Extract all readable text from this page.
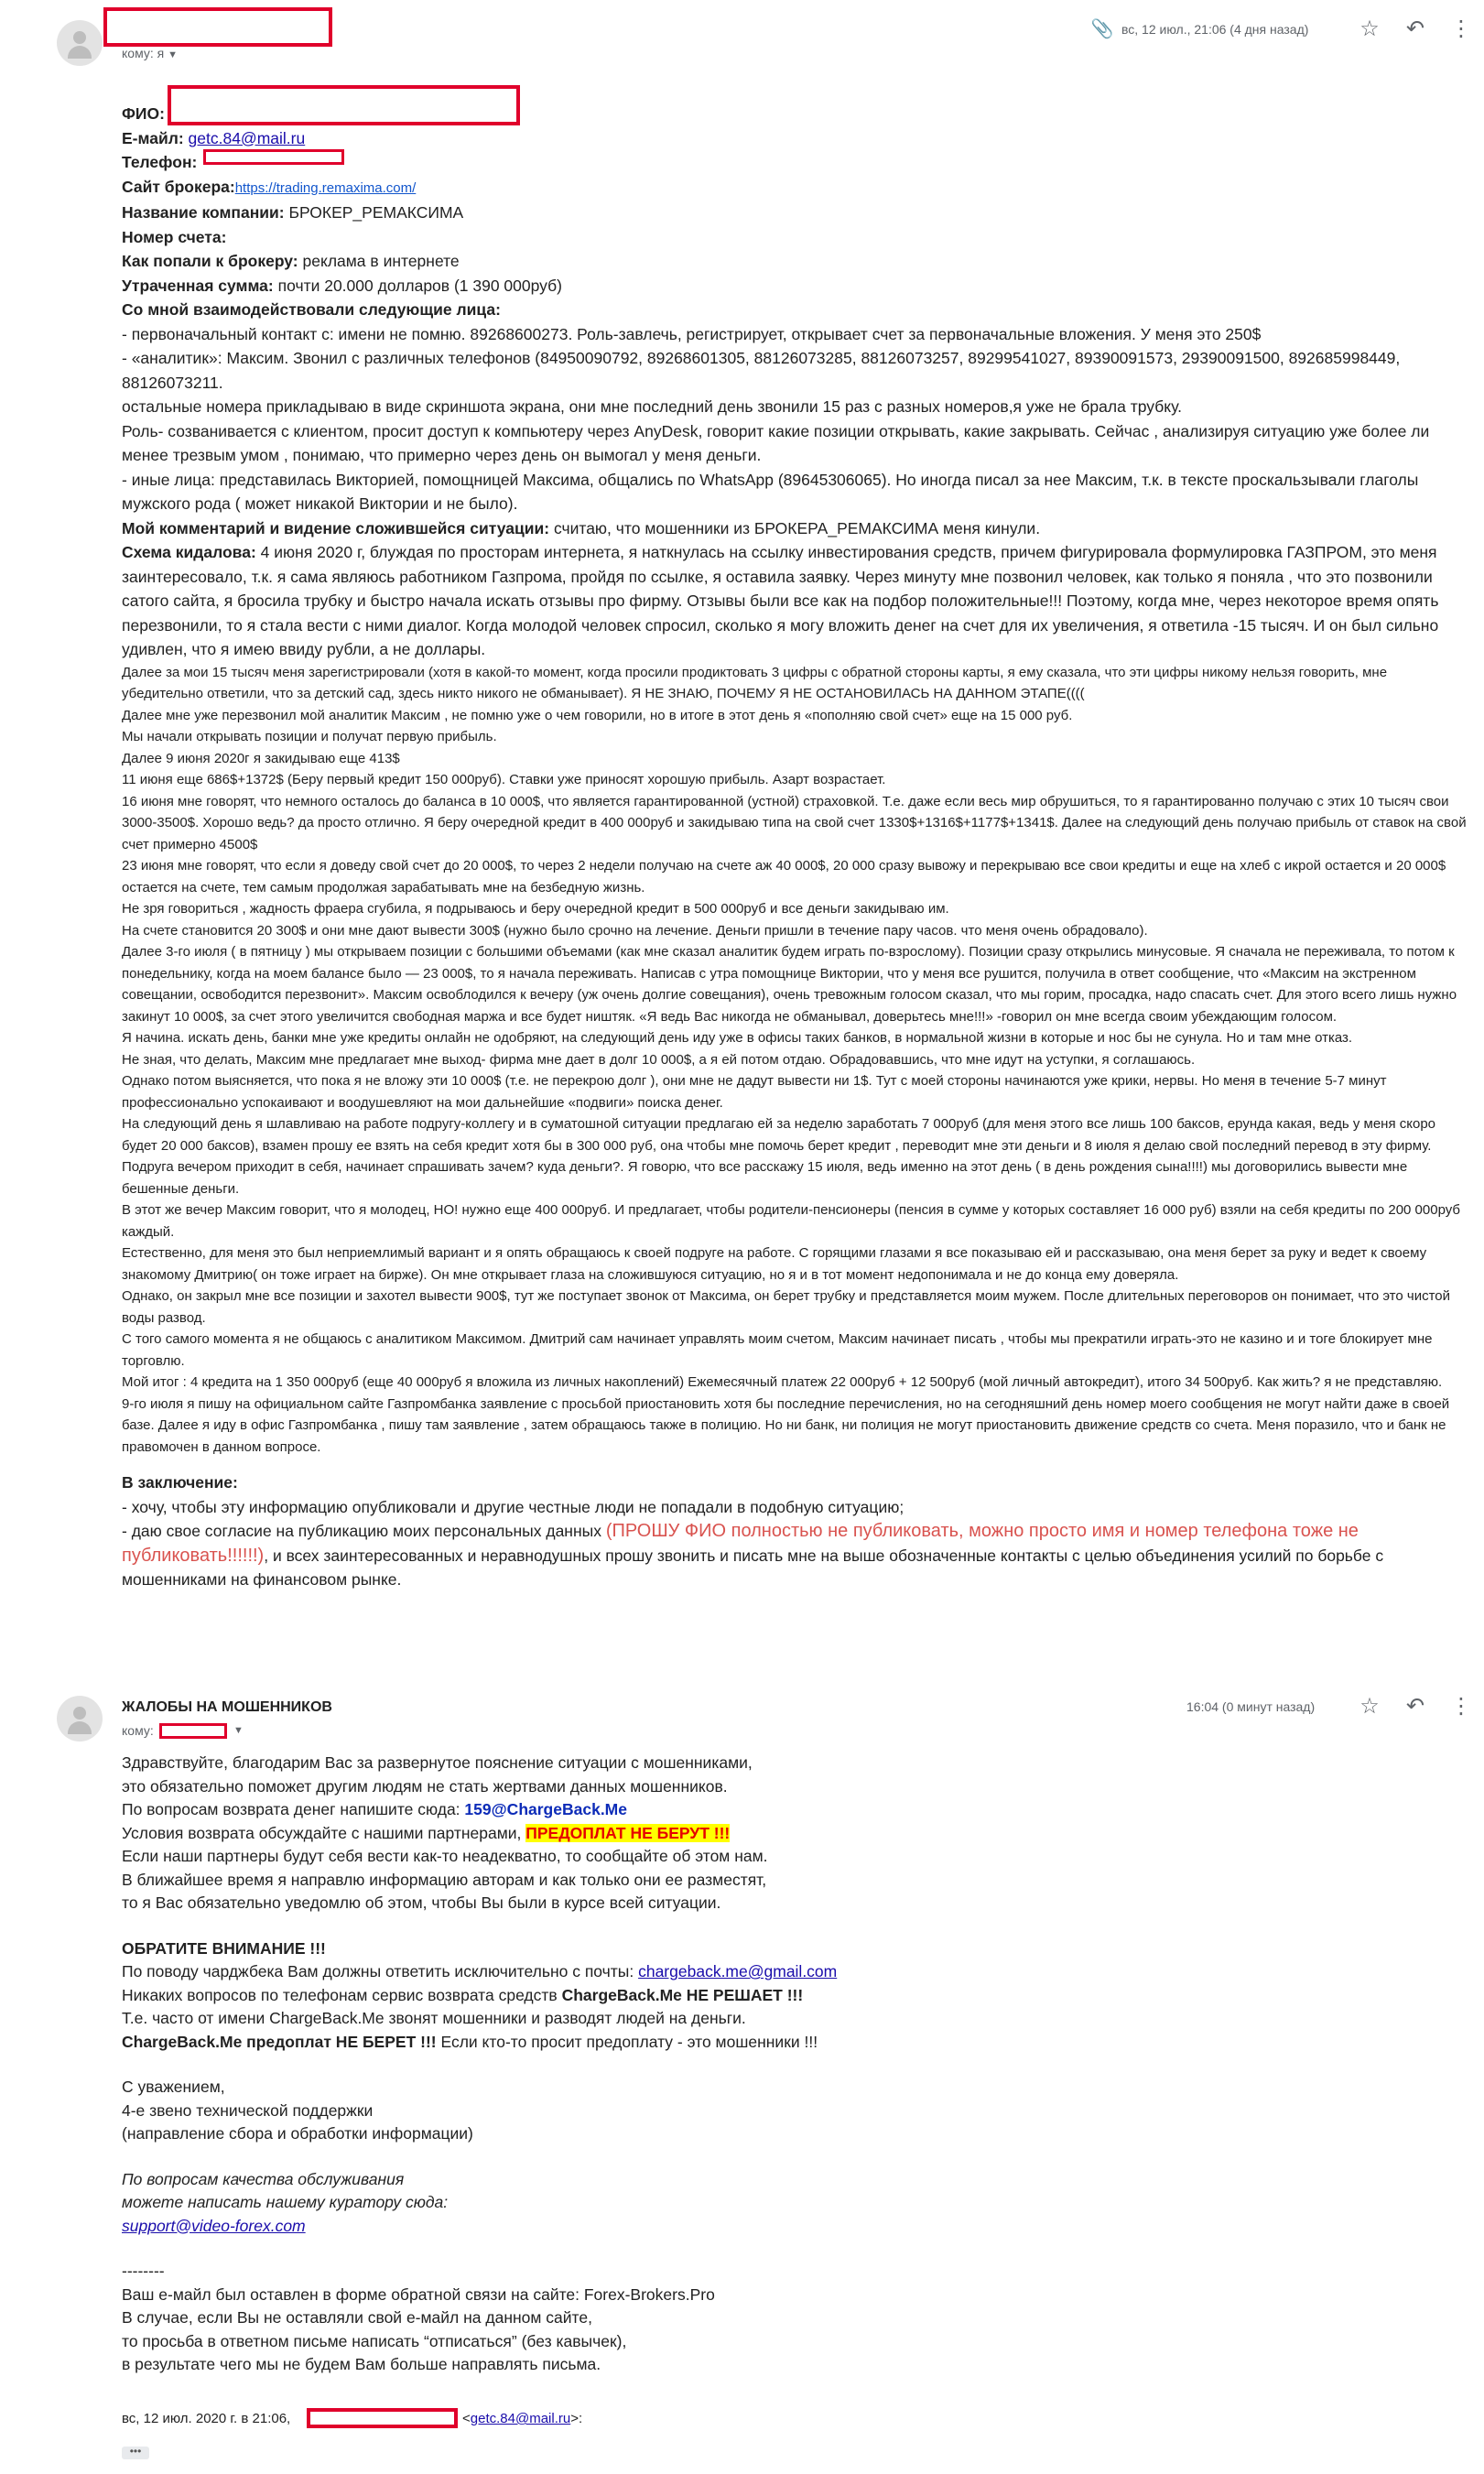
кому: я ▼
📎 вс, 12 июл., 21:06 (4 дня назад) ☆ ↶ ⋮

ФИО:

Е-майл: getc.84@mail.ru

Телефон:

Сайт брокера:https://trading.remaxima.com/

Название компании: БРОКЕР_РЕМАКСИМА

Номер счета:

Как попали к брокеру: реклама в интернете

Утраченная сумма: почти 20.000 долларов (1 390 000руб)

Со мной взаимодействовали следующие лица:

- первоначальный контакт с: имени не помню. 89268600273. Роль-завлечь, регистрирует, открывает счет за первоначальные вложения. У меня это 250$

- «аналитик»: Максим. Звонил с различных телефонов (84950090792, 89268601305, 88126073285, 88126073257, 89299541027, 89390091573, 29390091500, 892685998449, 88126073211.

остальные номера прикладываю в виде скриншота экрана, они мне последний день звонили 15 раз с разных номеров,я уже не брала трубку.

Роль- созванивается с клиентом, просит доступ к компьютеру через AnyDesk, говорит какие позиции открывать, какие закрывать. Сейчас , анализируя ситуацию уже более ли менее трезвым умом , понимаю, что примерно через день он вымогал у меня деньги.

- иные лица: представилась Викторией, помощницей Максима, общались по WhatsApp (89645306065). Но иногда писал за нее Максим, т.к. в тексте проскальзывали глаголы мужского рода ( может никакой Виктории и не было).

Мой комментарий и видение сложившейся ситуации: считаю, что мошенники из БРОКЕРА_РЕМАКСИМА меня кинули.

Схема кидалова: 4 июня 2020 г, блуждая по просторам интернета, я наткнулась на ссылку инвестирования средств, причем фигурировала формулировка ГАЗПРОМ, это меня заинтересовало, т.к. я сама являюсь работником Газпрома, пройдя по ссылке, я оставила заявку. Через минуту мне позвонил человек, как только я поняла , что это позвонили сатого сайта, я бросила трубку и быстро начала искать отзывы про фирму. Отзывы были все как на подбор положительные!!! Поэтому, когда мне, через некоторое время опять перезвонили, то я стала вести с ними диалог. Когда молодой человек спросил, сколько я могу вложить денег на счет для их увеличения, я ответила -15 тысяч. И он был сильно удивлен, что я имею ввиду рубли, а не доллары.

Далее за мои 15 тысяч меня зарегистрировали (хотя в какой-то момент, когда просили продиктовать 3 цифры с обратной стороны карты, я ему сказала, что эти цифры никому нельзя говорить, мне убедительно ответили, что за детский сад, здесь никто никого не обманывает). Я НЕ ЗНАЮ, ПОЧЕМУ Я НЕ ОСТАНОВИЛАСЬ НА ДАННОМ ЭТАПЕ((((

Далее мне уже перезвонил мой аналитик Максим , не помню уже о чем говорили, но в итоге в этот день я «пополняю свой счет» еще на 15 000 руб.

Мы начали открывать позиции и получат первую прибыль.

Далее 9 июня 2020г я закидываю еще 413$

11 июня еще 686$+1372$ (Беру первый кредит 150 000руб). Ставки уже приносят хорошую прибыль. Азарт возрастает.

16 июня мне говорят, что немного осталось до баланса в 10 000$, что является гарантированной (устной) страховкой. Т.е. даже если весь мир обрушиться, то я гарантированно получаю с этих 10 тысяч свои 3000-3500$. Хорошо ведь? да просто отлично. Я беру очередной кредит в 400 000руб и закидываю типа на свой счет 1330$+1316$+1177$+1341$. Далее на следующий день получаю прибыль от ставок на свой счет примерно 4500$

23 июня мне говорят, что если я доведу свой счет до 20 000$, то через 2 недели получаю на счете аж 40 000$, 20 000 сразу вывожу и перекрываю все свои кредиты и еще на хлеб с икрой остается и 20 000$ остается на счете, тем самым продолжая зарабатывать мне на безбедную жизнь.

Не зря говориться , жадность фраера сгубила, я подрываюсь и беру очередной кредит в 500 000руб и все деньги закидываю им.

На счете становится 20 300$ и они мне дают вывести 300$ (нужно было срочно на лечение. Деньги пришли в течение пару часов. что меня очень обрадовало).

Далее 3-го июля ( в пятницу ) мы открываем позиции с большими объемами (как мне сказал аналитик будем играть по-взрослому). Позиции сразу открылись минусовые. Я сначала не переживала, то потом к понедельнику, когда на моем балансе было — 23 000$, то я начала переживать. Написав с утра помощнице Виктории, что у меня все рушится, получила в ответ сообщение, что «Максим на экстренном совещании, освободится перезвонит». Максим освоблодился к вечеру (уж очень долгие совещания), очень тревожным голосом сказал, что мы горим, просадка, надо спасать счет. Для этого всего лишь нужно закинут 10 000$, за счет этого увеличится свободная маржа и все будет ништяк. «Я ведь Вас никогда не обманывал, доверьтесь мне!!!» -говорил он мне всегда своим убеждающим голосом.

Я начина. искать день, банки мне уже кредиты онлайн не одобряют, на следующий день иду уже в офисы таких банков, в нормальной жизни в которые и нос бы не сунула. Но и там мне отказ.

Не зная, что делать, Максим мне предлагает мне выход- фирма мне дает в долг 10 000$, а я ей потом отдаю. Обрадовавшись, что мне идут на уступки, я соглашаюсь.

Однако потом выясняется, что пока я не вложу эти 10 000$ (т.е. не перекрою долг ), они мне не дадут вывести ни 1$. Тут с моей стороны начинаются уже крики, нервы. Но меня в течение 5-7 минут профессионально успокаивают и воодушевляют на мои дальнейшие «подвиги» поиска денег.

На следующий день я шлавливаю на работе подругу-коллегу и в суматошной ситуации предлагаю ей за неделю заработать 7 000руб (для меня этого все лишь 100 баксов, ерунда какая, ведь у меня скоро будет 20 000 баксов), взамен прошу ее взять на себя кредит хотя бы в 300 000 руб, она чтобы мне помочь берет кредит , переводит мне эти деньги и 8 июля я делаю свой последний перевод в эту фирму. Подруга вечером приходит в себя, начинает спрашивать зачем? куда деньги?. Я говорю, что все расскажу 15 июля, ведь именно на этот день ( в день рождения сына!!!!) мы договорились вывести мне бешенные деньги.

В этот же вечер Максим говорит, что я молодец, НО! нужно еще 400 000руб. И предлагает, чтобы родители-пенсионеры (пенсия в сумме у которых составляет 16 000 руб) взяли на себя кредиты по 200 000руб каждый.

Естественно, для меня это был неприемлимый вариант и я опять обращаюсь к своей подруге на работе. С горящими глазами я все показываю ей и рассказываю, она меня берет за руку и ведет к своему знакомому Дмитрию( он тоже играет на бирже). Он мне открывает глаза на сложившуюся ситуацию, но я и в тот момент недопонимала и не до конца ему доверяла.

Однако, он закрыл мне все позиции и захотел вывести 900$, тут же поступает звонок от Максима, он берет трубку и представляется моим мужем. После длительных переговоров он понимает, что это чистой воды развод.

С того самого момента я не общаюсь с аналитиком Максимом. Дмитрий сам начинает управлять моим счетом, Максим начинает писать , чтобы мы прекратили играть-это не казино и и тоге блокирует мне торговлю.

Мой итог : 4 кредита на 1 350 000руб (еще 40 000руб я вложила из личных накоплений) Ежемесячный платеж 22 000руб + 12 500руб (мой личный автокредит), итого 34 500руб. Как жить? я не представляю.

9-го июля я пишу на официальном сайте Газпромбанка заявление с просьбой приостановить хотя бы последние перечисления, но на сегодняшний день номер моего сообщения не могут найти даже в своей базе. Далее я иду в офис Газпромбанка , пишу там заявление , затем обращаюсь также в полицию. Но ни банк, ни полиция не могут приостановить движение средств со счета. Меня поразило, что и банк не правомочен в данном вопросе.

В заключение:

- хочу, чтобы эту информацию опубликовали и другие честные люди не попадали в подобную ситуацию;

- даю свое согласие на публикацию моих персональных данных (ПРОШУ ФИО полностью не публиковать, можно просто имя и номер телефона тоже не публиковать!!!!!!), и всех заинтересованных и неравнодушных прошу звонить и писать мне на выше обозначенные контакты с целью объединения усилий по борьбе с мошенниками на финансовом рынке.

ЖАЛОБЫ НА МОШЕННИКОВ
кому:	▼
16:04 (0 минут назад) ☆ ↶ ⋮

Здравствуйте, благодарим Вас за развернутое пояснение ситуации с мошенниками,

это обязательно поможет другим людям не стать жертвами данных мошенников.

По вопросам возврата денег напишите сюда: 159@ChargeBack.Me

Условия возврата обсуждайте с нашими партнерами, ПРЕДОПЛАТ НЕ БЕРУТ !!!

Если наши партнеры будут себя вести как-то неадекватно, то сообщайте об этом нам.

В ближайшее время я направлю информацию авторам и как только они ее разместят,

то я Вас обязательно уведомлю об этом, чтобы Вы были в курсе всей ситуации.

ОБРАТИТЕ ВНИМАНИЕ !!!

По поводу чарджбека Вам должны ответить исключительно с почты: chargeback.me@gmail.com

Никаких вопросов по телефонам сервис возврата средств ChargeBack.Me НЕ РЕШАЕТ !!!

Т.е. часто от имени ChargeBack.Me звонят мошенники и разводят людей на деньги.

ChargeBack.Me предоплат НЕ БЕРЕТ !!! Если кто-то просит предоплату - это мошенники !!!

С уважением,

4-е звено технической поддержки

(направление сбора и обработки информации)

По вопросам качества обслуживания

можете написать нашему куратору сюда:

support@video-forex.com

--------

Ваш е-майл был оставлен в форме обратной связи на сайте: Forex-Brokers.Pro

В случае, если Вы не оставляли свой е-майл на данном сайте,

то просьба в ответном письме написать “отписаться” (без кавычек),

в результате чего мы не будем Вам больше направлять письма.

вс, 12 июл. 2020 г. в 21:06,	<getc.84@mail.ru>:
•••
